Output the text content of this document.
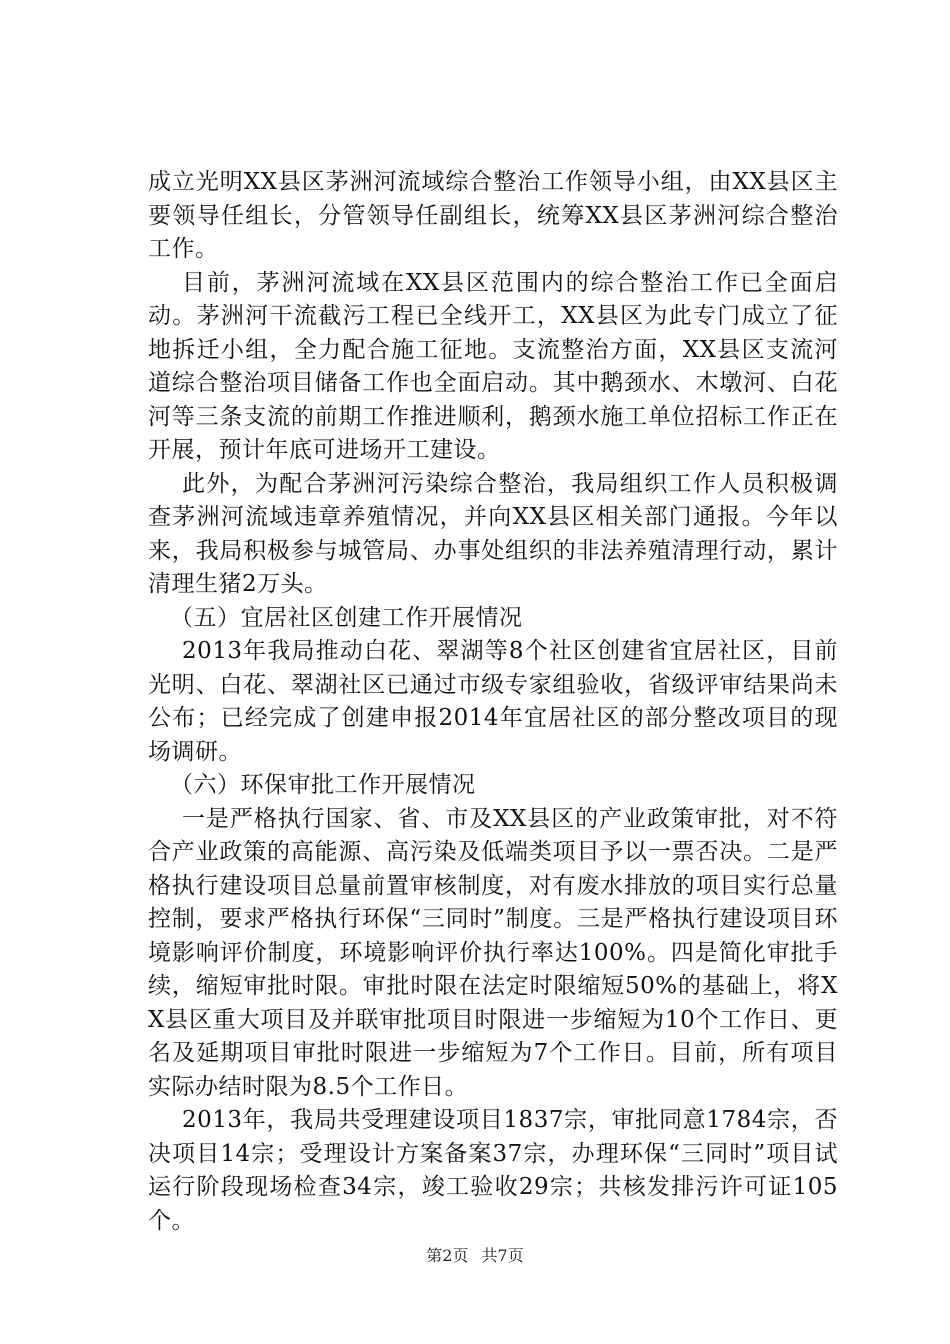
成立光明XX县区茅洲河流域综合整治工作领导小组，由XX县区主要领导任组长，分管领导任副组长，统筹XX县区茅洲河综合整治工作。

目前，茅洲河流域在XX县区范围内的综合整治工作已全面启动。茅洲河干流截污工程已全线开工，XX县区为此专门成立了征地拆迁小组，全力配合施工征地。支流整治方面，XX县区支流河道综合整治项目储备工作也全面启动。其中鹅颈水、木墩河、白花河等三条支流的前期工作推进顺利，鹅颈水施工单位招标工作正在开展，预计年底可进场开工建设。

此外，为配合茅洲河污染综合整治，我局组织工作人员积极调查茅洲河流域违章养殖情况，并向XX县区相关部门通报。今年以来，我局积极参与城管局、办事处组织的非法养殖清理行动，累计清理生猪2万头。

（五）宜居社区创建工作开展情况

2013年我局推动白花、翠湖等8个社区创建省宜居社区，目前光明、白花、翠湖社区已通过市级专家组验收，省级评审结果尚未公布；已经完成了创建申报2014年宜居社区的部分整改项目的现场调研。

（六）环保审批工作开展情况

一是严格执行国家、省、市及XX县区的产业政策审批，对不符合产业政策的高能源、高污染及低端类项目予以一票否决。二是严格执行建设项目总量前置审核制度，对有废水排放的项目实行总量控制，要求严格执行环保“三同时”制度。三是严格执行建设项目环境影响评价制度，环境影响评价执行率达100%。四是简化审批手续，缩短审批时限。审批时限在法定时限缩短50%的基础上，将XX县区重大项目及并联审批项目时限进一步缩短为10个工作日、更名及延期项目审批时限进一步缩短为7个工作日。目前，所有项目实际办结时限为8.5个工作日。

2013年，我局共受理建设项目1837宗，审批同意1784宗，否决项目14宗；受理设计方案备案37宗，办理环保“三同时”项目试运行阶段现场检查34宗，竣工验收29宗；共核发排污许可证105个。

第2页 共7页
